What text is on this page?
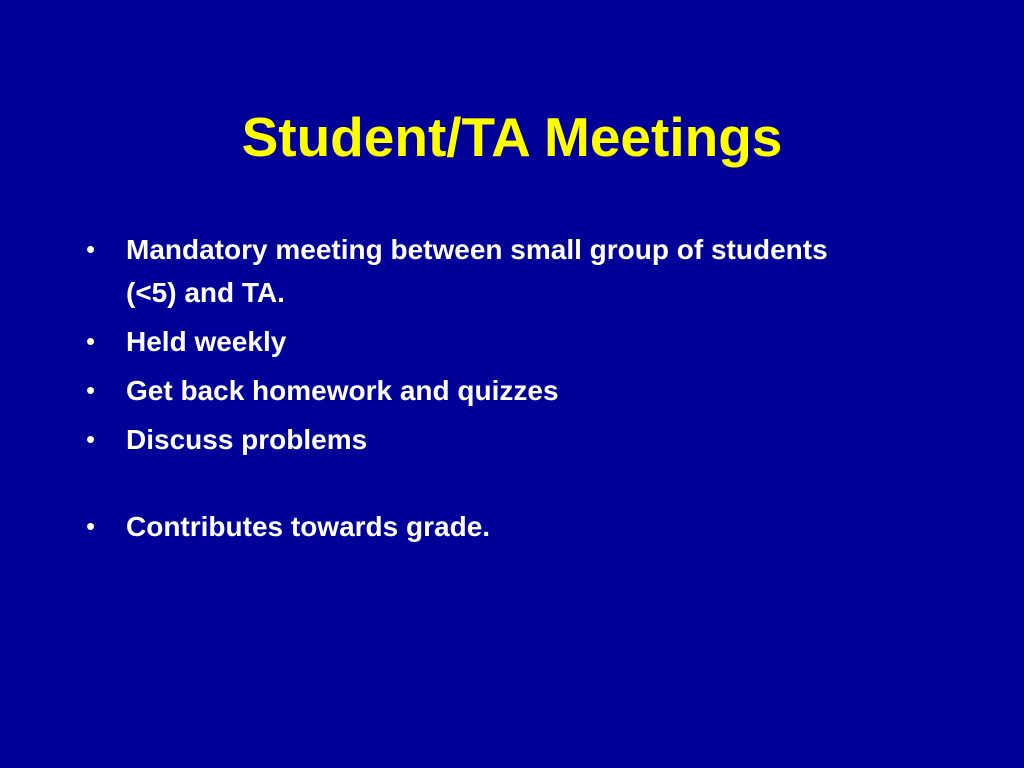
Student/TA Meetings
• Mandatory meeting between small group of students (<5) and TA.
• Held weekly
• Get back homework and quizzes
• Discuss problems
• Contributes towards grade.
